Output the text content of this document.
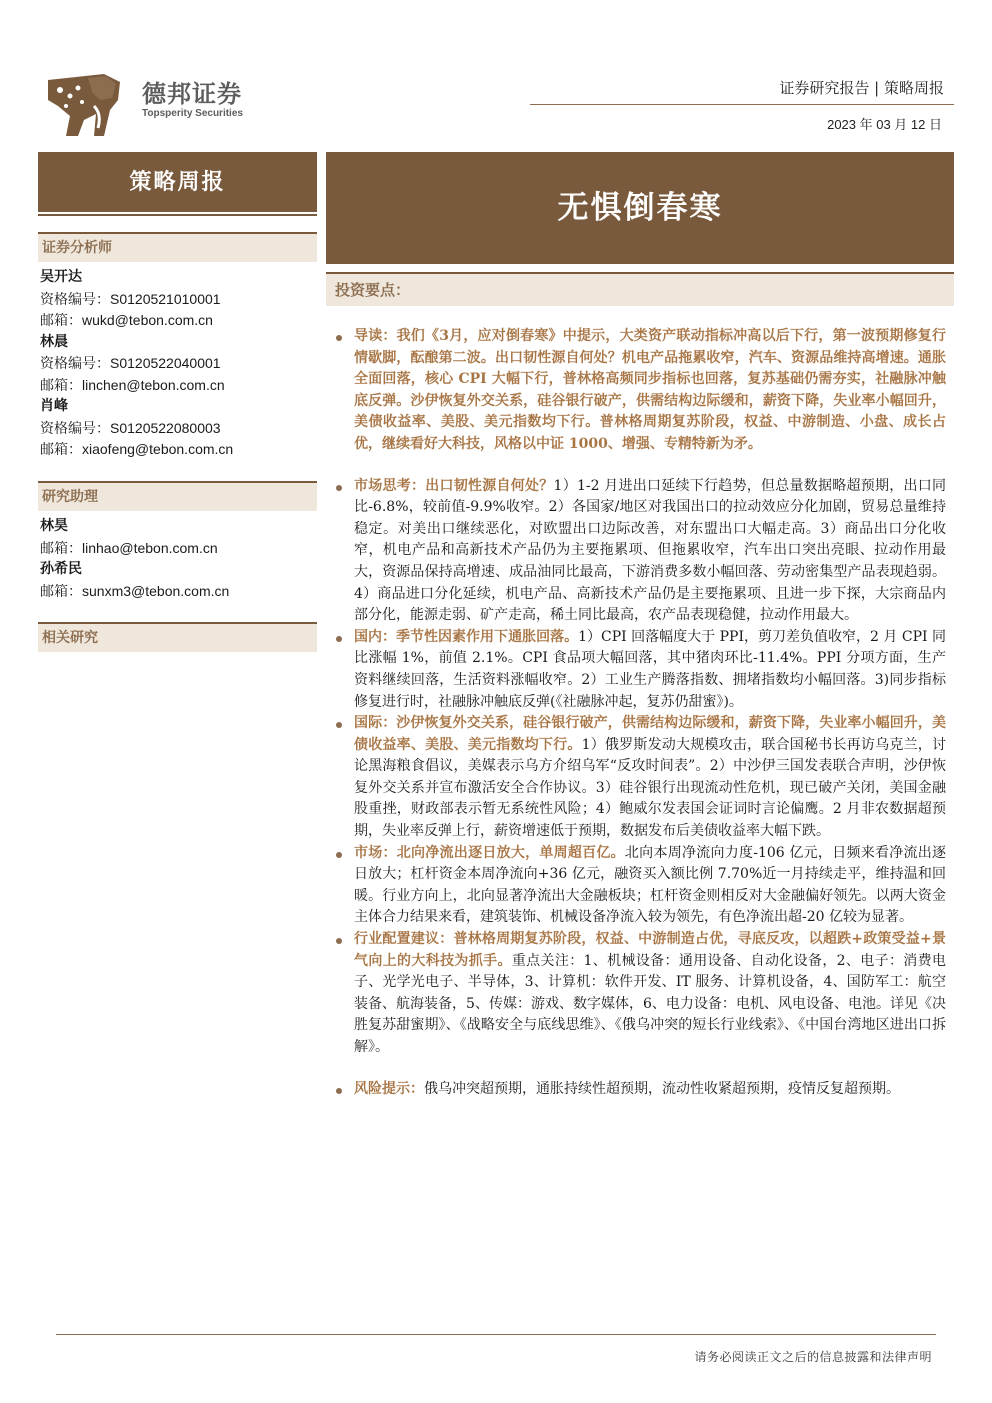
德邦证券
Topsperity Securities
证券研究报告 | 策略周报
2023 年 03 月 12 日
策略周报
证券分析师
吴开达
资格编号：S0120521010001
邮箱：wukd@tebon.com.cn
林晨
资格编号：S0120522040001
邮箱：linchen@tebon.com.cn
肖峰
资格编号：S0120522080003
邮箱：xiaofeng@tebon.com.cn
研究助理
林昊
邮箱：linhao@tebon.com.cn
孙希民
邮箱：sunxm3@tebon.com.cn
相关研究
无惧倒春寒
投资要点：
导读：我们《3月，应对倒春寒》中提示，大类资产联动指标冲高以后下行，第一波预期修复行情歇脚，酝酿第二波。出口韧性源自何处？机电产品拖累收窄，汽车、资源品维持高增速。通胀全面回落，核心 CPI 大幅下行，普林格高频同步指标也回落，复苏基础仍需夯实，社融脉冲触底反弹。沙伊恢复外交关系，硅谷银行破产，供需结构边际缓和，薪资下降，失业率小幅回升，美债收益率、美股、美元指数均下行。普林格周期复苏阶段，权益、中游制造、小盘、成长占优，继续看好大科技，风格以中证 1000、增强、专精特新为矛。
市场思考：出口韧性源自何处？1）1-2 月进出口延续下行趋势，但总量数据略超预期，出口同比-6.8%，较前值-9.9%收窄。2）各国家/地区对我国出口的拉动效应分化加剧，贸易总量维持稳定。对美出口继续恶化，对欧盟出口边际改善，对东盟出口大幅走高。3）商品出口分化收窄，机电产品和高新技术产品仍为主要拖累项、但拖累收窄，汽车出口突出亮眼、拉动作用最大，资源品保持高增速、成品油同比最高，下游消费多数小幅回落、劳动密集型产品表现趋弱。4）商品进口分化延续，机电产品、高新技术产品仍是主要拖累项、且进一步下探，大宗商品内部分化，能源走弱、矿产走高，稀土同比最高，农产品表现稳健，拉动作用最大。
国内：季节性因素作用下通胀回落。1）CPI 回落幅度大于 PPI，剪刀差负值收窄，2 月 CPI 同比涨幅 1%，前值 2.1%。CPI 食品项大幅回落，其中猪肉环比-11.4%。PPI 分项方面，生产资料继续回落，生活资料涨幅收窄。2）工业生产腾落指数、拥堵指数均小幅回落。3)同步指标修复进行时，社融脉冲触底反弹(《社融脉冲起，复苏仍甜蜜》)。
国际：沙伊恢复外交关系，硅谷银行破产，供需结构边际缓和，薪资下降，失业率小幅回升，美债收益率、美股、美元指数均下行。1）俄罗斯发动大规模攻击，联合国秘书长再访乌克兰，讨论黑海粮食倡议，美媒表示乌方介绍乌军“反攻时间表”。2）中沙伊三国发表联合声明，沙伊恢复外交关系并宣布激活安全合作协议。3）硅谷银行出现流动性危机，现已破产关闭，美国金融股重挫，财政部表示暂无系统性风险；4）鲍威尔发表国会证词时言论偏鹰。2 月非农数据超预期，失业率反弹上行，薪资增速低于预期，数据发布后美债收益率大幅下跌。
市场：北向净流出逐日放大，单周超百亿。北向本周净流向力度-106 亿元，日频来看净流出逐日放大；杠杆资金本周净流向+36 亿元，融资买入额比例 7.70%近一月持续走平，维持温和回暖。行业方向上，北向显著净流出大金融板块；杠杆资金则相反对大金融偏好领先。以两大资金主体合力结果来看，建筑装饰、机械设备净流入较为领先，有色净流出超-20 亿较为显著。
行业配置建议：普林格周期复苏阶段，权益、中游制造占优，寻底反攻，以超跌+政策受益+景气向上的大科技为抓手。重点关注：1、机械设备：通用设备、自动化设备，2、电子：消费电子、光学光电子、半导体，3、计算机：软件开发、IT 服务、计算机设备，4、国防军工：航空装备、航海装备，5、传媒：游戏、数字媒体，6、电力设备：电机、风电设备、电池。详见《决胜复苏甜蜜期》、《战略安全与底线思维》、《俄乌冲突的短长行业线索》、《中国台湾地区进出口拆解》。
风险提示：俄乌冲突超预期，通胀持续性超预期，流动性收紧超预期，疫情反复超预期。
请务必阅读正文之后的信息披露和法律声明
